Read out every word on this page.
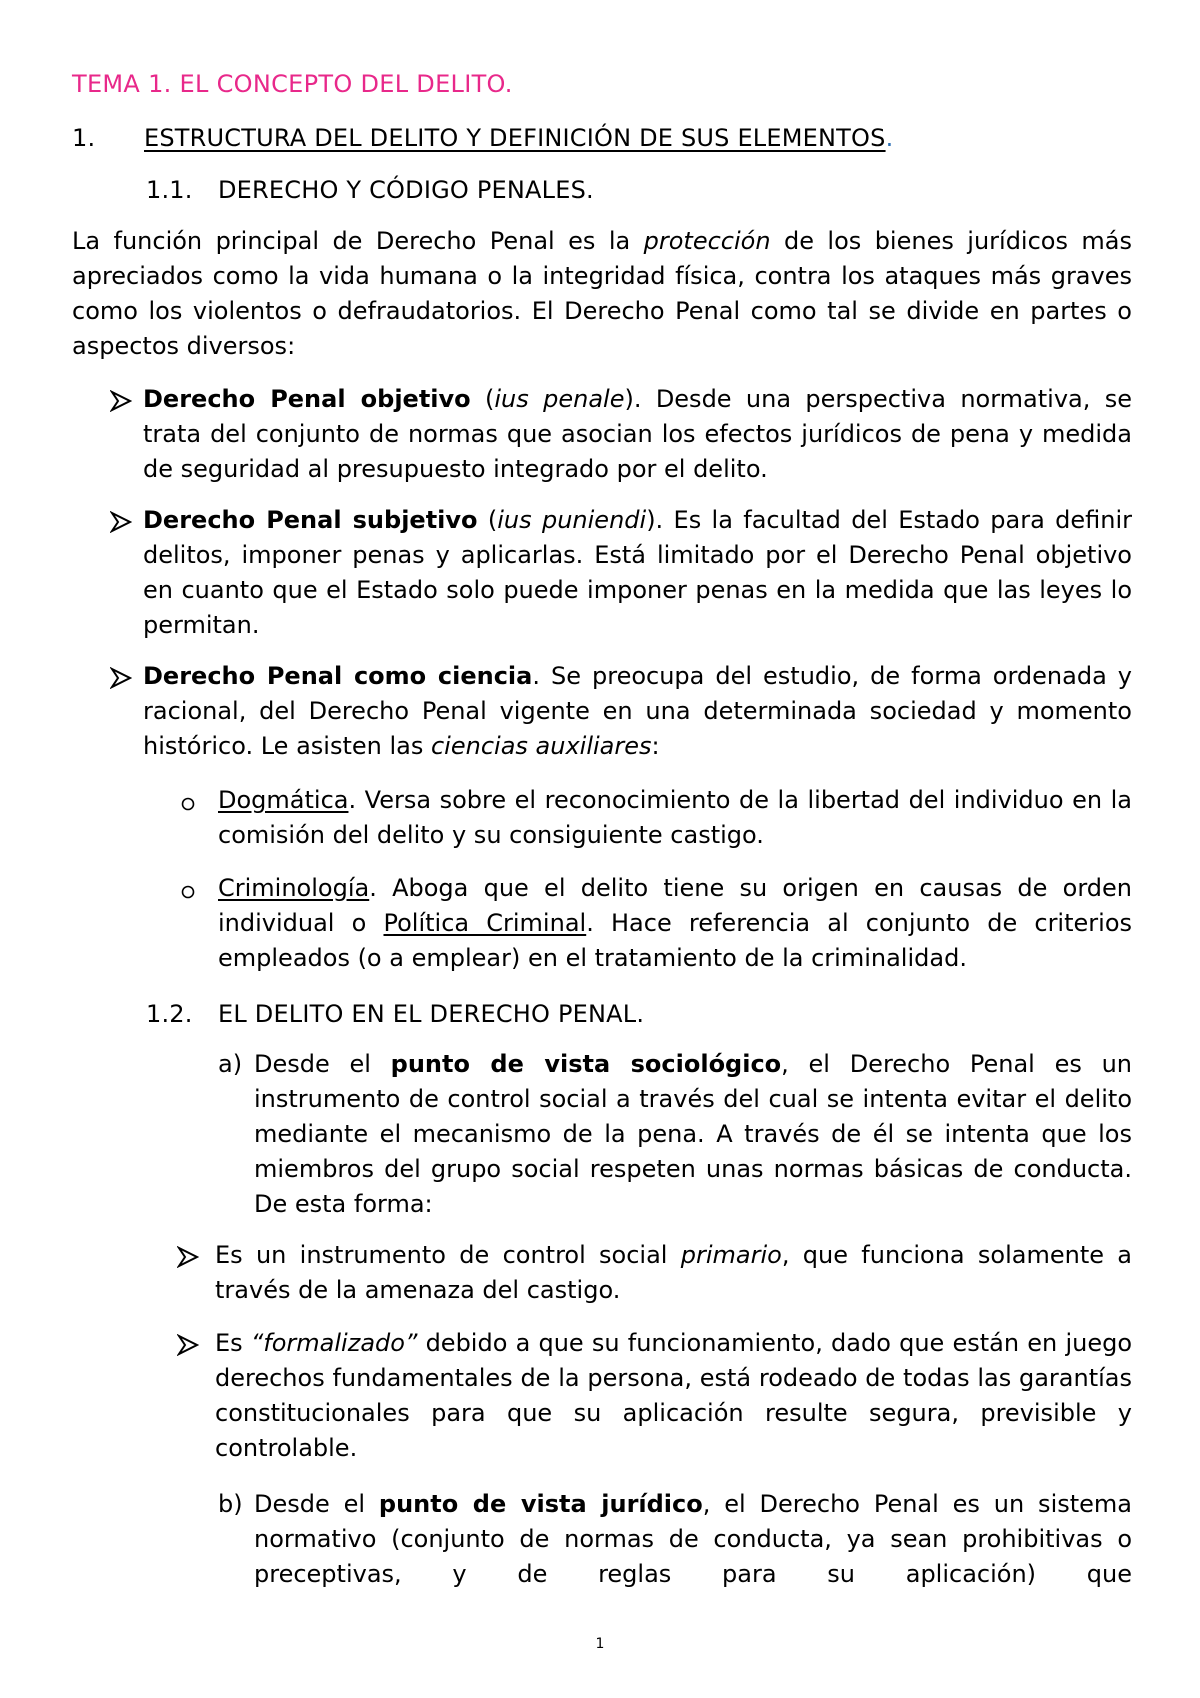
TEMA 1. EL CONCEPTO DEL DELITO.
1. ESTRUCTURA DEL DELITO Y DEFINICIÓN DE SUS ELEMENTOS.
1.1. DERECHO Y CÓDIGO PENALES.
La función principal de Derecho Penal es la protección de los bienes jurídicos más apreciados como la vida humana o la integridad física, contra los ataques más graves como los violentos o defraudatorios. El Derecho Penal como tal se divide en partes o aspectos diversos:
Derecho Penal objetivo (ius penale). Desde una perspectiva normativa, se trata del conjunto de normas que asocian los efectos jurídicos de pena y medida de seguridad al presupuesto integrado por el delito.
Derecho Penal subjetivo (ius puniendi). Es la facultad del Estado para definir delitos, imponer penas y aplicarlas. Está limitado por el Derecho Penal objetivo en cuanto que el Estado solo puede imponer penas en la medida que las leyes lo permitan.
Derecho Penal como ciencia. Se preocupa del estudio, de forma ordenada y racional, del Derecho Penal vigente en una determinada sociedad y momento histórico. Le asisten las ciencias auxiliares:
Dogmática. Versa sobre el reconocimiento de la libertad del individuo en la comisión del delito y su consiguiente castigo.
Criminología. Aboga que el delito tiene su origen en causas de orden individual o Política Criminal. Hace referencia al conjunto de criterios empleados (o a emplear) en el tratamiento de la criminalidad.
1.2. EL DELITO EN EL DERECHO PENAL.
a) Desde el punto de vista sociológico, el Derecho Penal es un instrumento de control social a través del cual se intenta evitar el delito mediante el mecanismo de la pena. A través de él se intenta que los miembros del grupo social respeten unas normas básicas de conducta. De esta forma:
Es un instrumento de control social primario, que funciona solamente a través de la amenaza del castigo.
Es “formalizado” debido a que su funcionamiento, dado que están en juego derechos fundamentales de la persona, está rodeado de todas las garantías constitucionales para que su aplicación resulte segura, previsible y controlable.
b) Desde el punto de vista jurídico, el Derecho Penal es un sistema normativo (conjunto de normas de conducta, ya sean prohibitivas o preceptivas, y de reglas para su aplicación) que
1
